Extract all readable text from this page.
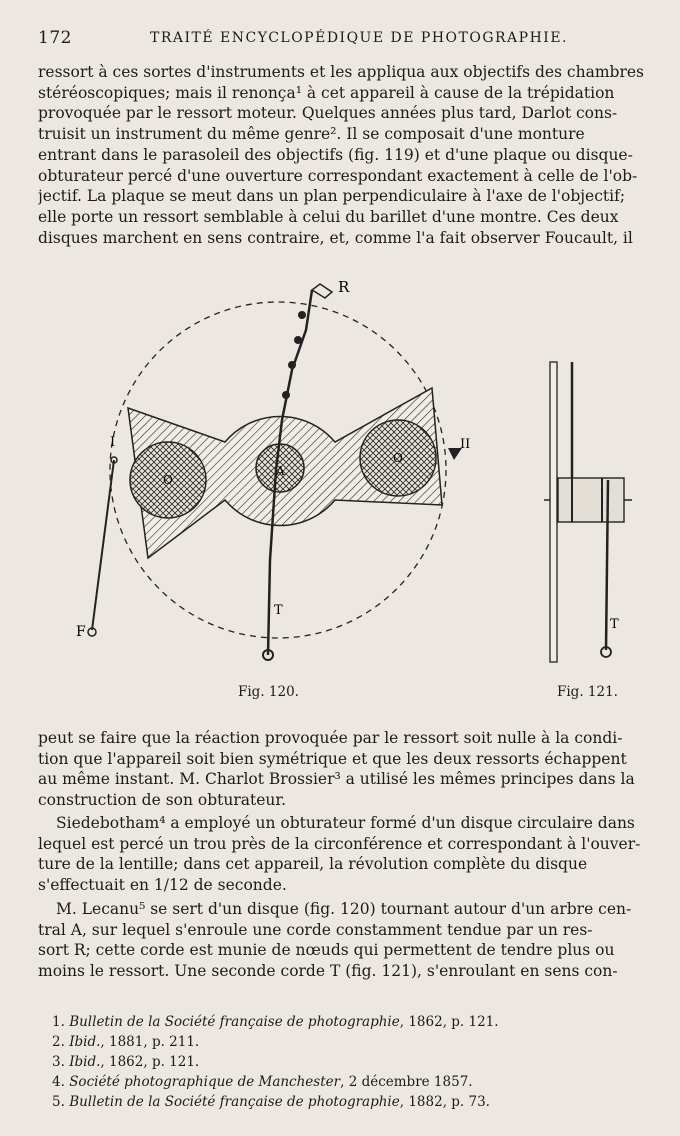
172	TRAITÉ ENCYCLOPÉDIQUE DE PHOTOGRAPHIE.
ressort à ces sortes d'instruments et les appliqua aux objectifs des chambres
stéréoscopiques; mais il renonça¹ à cet appareil à cause de la trépidation
provoquée par le ressort moteur. Quelques années plus tard, Darlot cons-
truisit un instrument du même genre². Il se composait d'une monture
entrant dans le parasoleil des objectifs (fig. 119) et d'une plaque ou disque-
obturateur percé d'une ouverture correspondant exactement à celle de l'ob-
jectif. La plaque se meut dans un plan perpendiculaire à l'axe de l'objectif;
elle porte un ressort semblable à celui du barillet d'une montre. Ces deux
disques marchent en sens contraire, et, comme l'a fait observer Foucault, il
R
I	II
O
O
A
T
F
Fig. 120.
T
Fig. 121.
peut se faire que la réaction provoquée par le ressort soit nulle à la condi-
tion que l'appareil soit bien symétrique et que les deux ressorts échappent
au même instant. M. Charlot Brossier³ a utilisé les mêmes principes dans la
construction de son obturateur.
Siedebotham⁴ a employé un obturateur formé d'un disque circulaire dans
lequel est percé un trou près de la circonférence et correspondant à l'ouver-
ture de la lentille; dans cet appareil, la révolution complète du disque
s'effectuait en 1/12 de seconde.
M. Lecanu⁵ se sert d'un disque (fig. 120) tournant autour d'un arbre cen-
tral A, sur lequel s'enroule une corde constamment tendue par un res-
sort R; cette corde est munie de nœuds qui permettent de tendre plus ou
moins le ressort. Une seconde corde T (fig. 121), s'enroulant en sens con-
1. Bulletin de la Société française de photographie, 1862, p. 121.
2. Ibid., 1881, p. 211.
3. Ibid., 1862, p. 121.
4. Société photographique de Manchester, 2 décembre 1857.
5. Bulletin de la Société française de photographie, 1882, p. 73.
